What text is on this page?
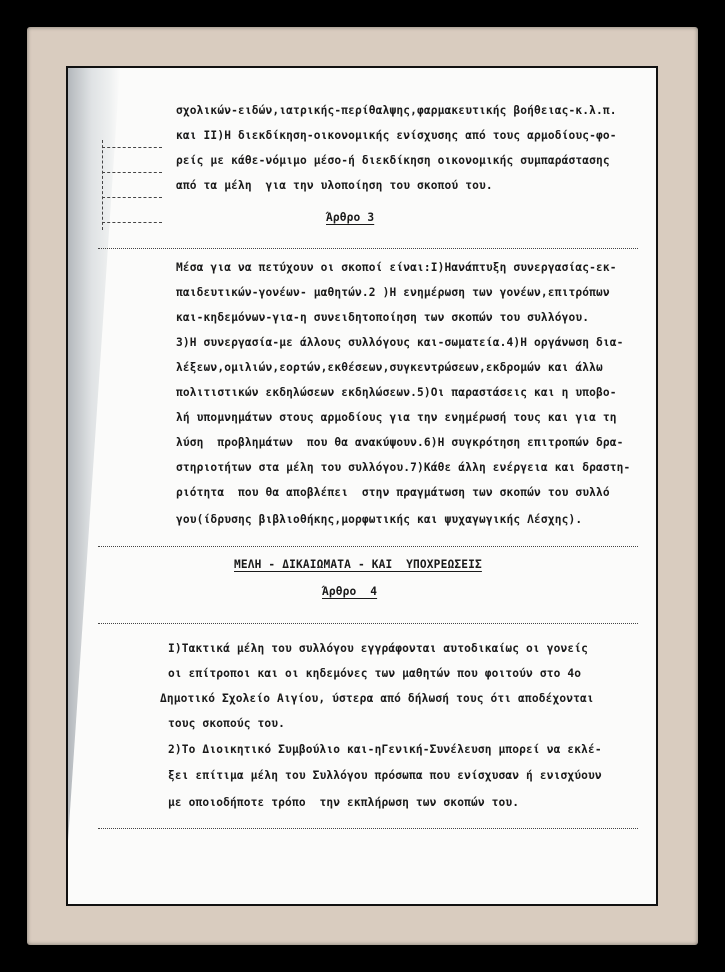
σχολικών-ειδών,ιατρικής-περίθαλψης,φαρμακευτικής βοήθειας-κ.λ.π.
και ΙΙ)Η διεκδίκηση-οικονομικής ενίσχυσης από τους αρμοδίους-φο-
ρείς με κάθε-νόμιμο μέσο-ή διεκδίκηση οικονομικής συμπαράστασης
από τα μέλη  για την υλοποίηση του σκοπού του.
Άρθρο 3
Μέσα για να πετύχουν οι σκοποί είναι:Ι)Ηανάπτυξη συνεργασίας-εκ-
παιδευτικών-γονέων- μαθητών.2 )Η ενημέρωση των γονέων,επιτρόπων
και-κηδεμόνων-για-η συνειδητοποίηση των σκοπών του συλλόγου.
3)Η συνεργασία-με άλλους συλλόγους και-σωματεία.4)Η οργάνωση δια-
λέξεων,ομιλιών,εορτών,εκθέσεων,συγκεντρώσεων,εκδρομών και άλλω
πολιτιστικών εκδηλώσεων εκδηλώσεων.5)Οι παραστάσεις και η υποβο-
λή υπομνημάτων στους αρμοδίους για την ενημέρωσή τους και για τη
λύση  προβλημάτων  που θα ανακύψουν.6)Η συγκρότηση επιτροπών δρα-
στηριοτήτων στα μέλη του συλλόγου.7)Κάθε άλλη ενέργεια και δραστη-
ριότητα  που θα αποβλέπει  στην πραγμάτωση των σκοπών του συλλό
γου(ίδρυσης βιβλιοθήκης,μορφωτικής και ψυχαγωγικής Λέσχης).
ΜΕΛΗ - ΔΙΚΑΙΩΜΑΤΑ - ΚΑΙ  ΥΠΟΧΡΕΩΣΕΙΣ
Άρθρο  4
Ι)Τακτικά μέλη του συλλόγου εγγράφονται αυτοδικαίως οι γονείς
οι επίτροποι και οι κηδεμόνες των μαθητών που φοιτούν στο 4ο
Δημοτικό Σχολείο Αιγίου, ύστερα από δήλωσή τους ότι αποδέχονται
τους σκοπούς του.
2)Το Διοικητικό Συμβούλιο και-ηΓενική-Συνέλευση μπορεί να εκλέ-
ξει επίτιμα μέλη του Συλλόγου πρόσωπα που ενίσχυσαν ή ενισχύουν
με οποιοδήποτε τρόπο  την εκπλήρωση των σκοπών του.
